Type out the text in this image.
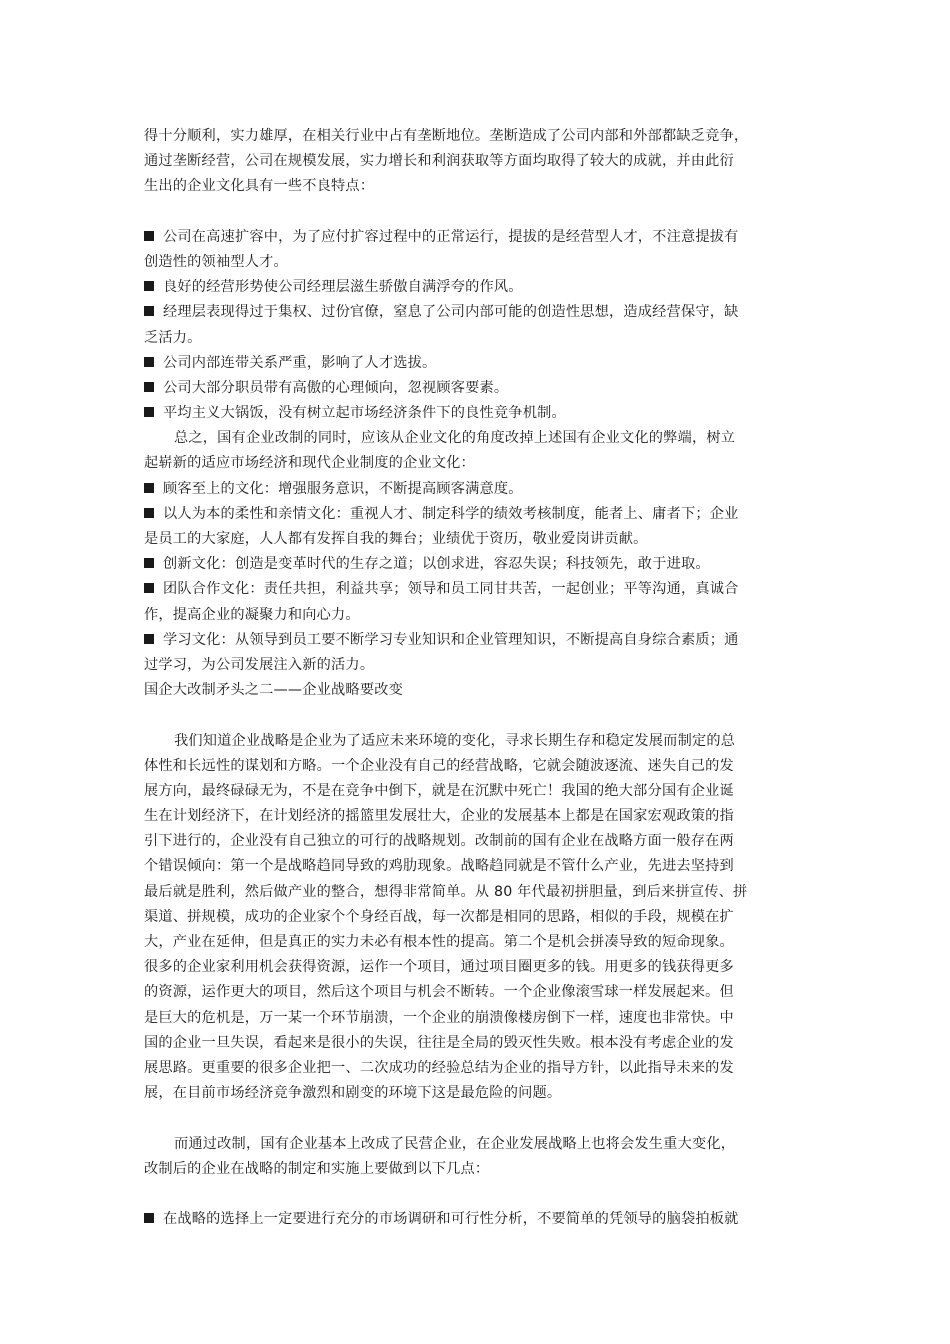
得十分顺利，实力雄厚，在相关行业中占有垄断地位。垄断造成了公司内部和外部都缺乏竞争，
通过垄断经营，公司在规模发展，实力增长和利润获取等方面均取得了较大的成就，并由此衍
生出的企业文化具有一些不良特点：
公司在高速扩容中，为了应付扩容过程中的正常运行，提拔的是经营型人才，不注意提拔有
创造性的领袖型人才。
良好的经营形势使公司经理层滋生骄傲自满浮夸的作风。
经理层表现得过于集权、过份官僚，窒息了公司内部可能的创造性思想，造成经营保守，缺
乏活力。
公司内部连带关系严重，影响了人才选拔。
公司大部分职员带有高傲的心理倾向，忽视顾客要素。
平均主义大锅饭，没有树立起市场经济条件下的良性竞争机制。
总之，国有企业改制的同时，应该从企业文化的角度改掉上述国有企业文化的弊端，树立
起崭新的适应市场经济和现代企业制度的企业文化：
顾客至上的文化：增强服务意识，不断提高顾客满意度。
以人为本的柔性和亲情文化：重视人才、制定科学的绩效考核制度，能者上、庸者下；企业
是员工的大家庭，人人都有发挥自我的舞台；业绩优于资历，敬业爱岗讲贡献。
创新文化：创造是变革时代的生存之道；以创求进，容忍失误；科技领先，敢于进取。
团队合作文化：责任共担，利益共享；领导和员工同甘共苦，一起创业；平等沟通，真诚合
作，提高企业的凝聚力和向心力。
学习文化：从领导到员工要不断学习专业知识和企业管理知识，不断提高自身综合素质；通
过学习，为公司发展注入新的活力。
国企大改制矛头之二——企业战略要改变
我们知道企业战略是企业为了适应未来环境的变化，寻求长期生存和稳定发展而制定的总
体性和长远性的谋划和方略。一个企业没有自己的经营战略，它就会随波逐流、迷失自己的发
展方向，最终碌碌无为，不是在竞争中倒下，就是在沉默中死亡！我国的绝大部分国有企业诞
生在计划经济下，在计划经济的摇篮里发展壮大，企业的发展基本上都是在国家宏观政策的指
引下进行的，企业没有自己独立的可行的战略规划。改制前的国有企业在战略方面一般存在两
个错误倾向：第一个是战略趋同导致的鸡肋现象。战略趋同就是不管什么产业，先进去坚持到
最后就是胜利，然后做产业的整合，想得非常简单。从 80 年代最初拼胆量，到后来拼宣传、拼
渠道、拼规模，成功的企业家个个身经百战，每一次都是相同的思路，相似的手段，规模在扩
大，产业在延伸，但是真正的实力未必有根本性的提高。第二个是机会拼凑导致的短命现象。
很多的企业家利用机会获得资源，运作一个项目，通过项目圈更多的钱。用更多的钱获得更多
的资源，运作更大的项目，然后这个项目与机会不断转。一个企业像滚雪球一样发展起来。但
是巨大的危机是，万一某一个环节崩溃，一个企业的崩溃像楼房倒下一样，速度也非常快。中
国的企业一旦失误，看起来是很小的失误，往往是全局的毁灭性失败。根本没有考虑企业的发
展思路。更重要的很多企业把一、二次成功的经验总结为企业的指导方针，以此指导未来的发
展，在目前市场经济竞争激烈和剧变的环境下这是最危险的问题。
而通过改制，国有企业基本上改成了民营企业，在企业发展战略上也将会发生重大变化，
改制后的企业在战略的制定和实施上要做到以下几点：
在战略的选择上一定要进行充分的市场调研和可行性分析，不要简单的凭领导的脑袋拍板就
